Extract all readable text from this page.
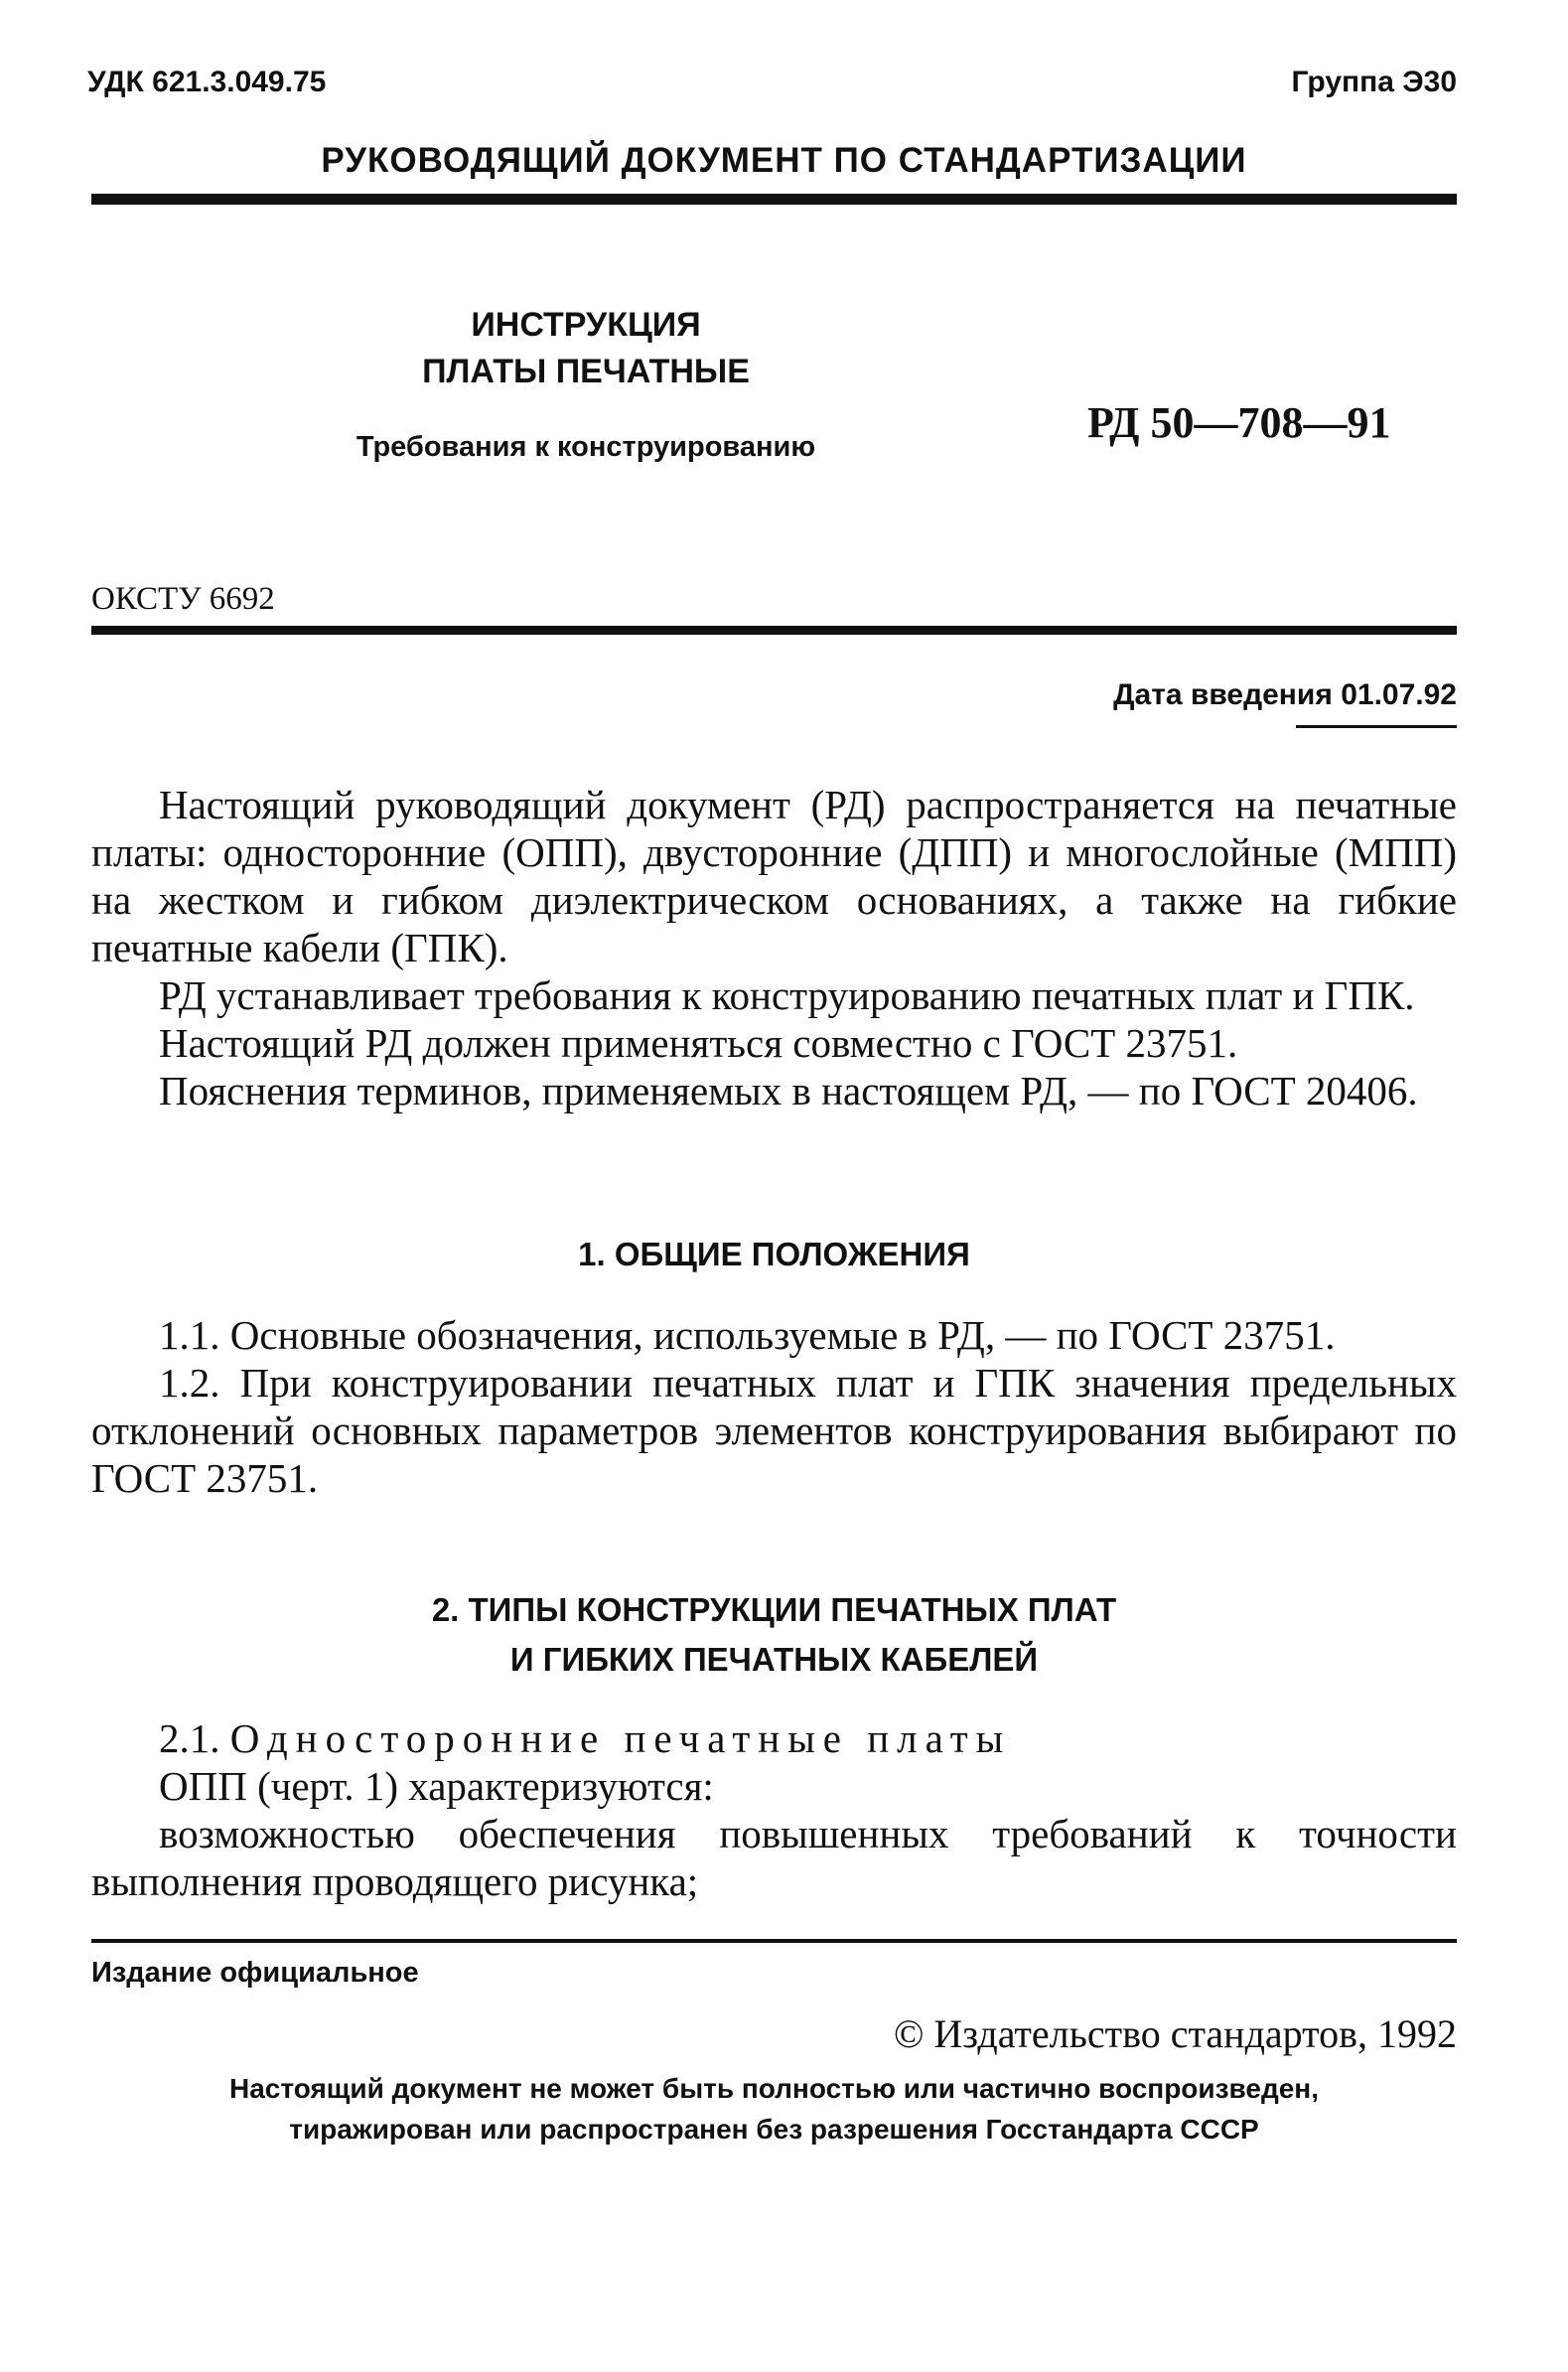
УДК 621.3.049.75	Группа Э30
РУКОВОДЯЩИЙ ДОКУМЕНТ ПО СТАНДАРТИЗАЦИИ
ИНСТРУКЦИЯ
ПЛАТЫ ПЕЧАТНЫЕ
Требования к конструированию	РД 50—708—91
ОКСТУ 6692
Дата введения 01.07.92

Настоящий руководящий документ (РД) распространяется на печатные платы: односторонние (ОПП), двусторонние (ДПП) и многослойные (МПП) на жестком и гибком диэлектрическом основаниях, а также на гибкие печатные кабели (ГПК).

РД устанавливает требования к конструированию печатных плат и ГПК.

Настоящий РД должен применяться совместно с ГОСТ 23751.

Пояснения терминов, применяемых в настоящем РД, — по ГОСТ 20406.

1. ОБЩИЕ ПОЛОЖЕНИЯ

1.1. Основные обозначения, используемые в РД, — по ГОСТ 23751.

1.2. При конструировании печатных плат и ГПК значения предельных отклонений основных параметров элементов конструирования выбирают по ГОСТ 23751.

2. ТИПЫ КОНСТРУКЦИИ ПЕЧАТНЫХ ПЛАТ
И ГИБКИХ ПЕЧАТНЫХ КАБЕЛЕЙ

2.1. Односторонние печатные платы

ОПП (черт. 1) характеризуются:

возможностью обеспечения повышенных требований к точности выполнения проводящего рисунка;

Издание официальное
© Издательство стандартов, 1992
Настоящий документ не может быть полностью или частично воспроизведен,
тиражирован или распространен без разрешения Госстандарта СССР
